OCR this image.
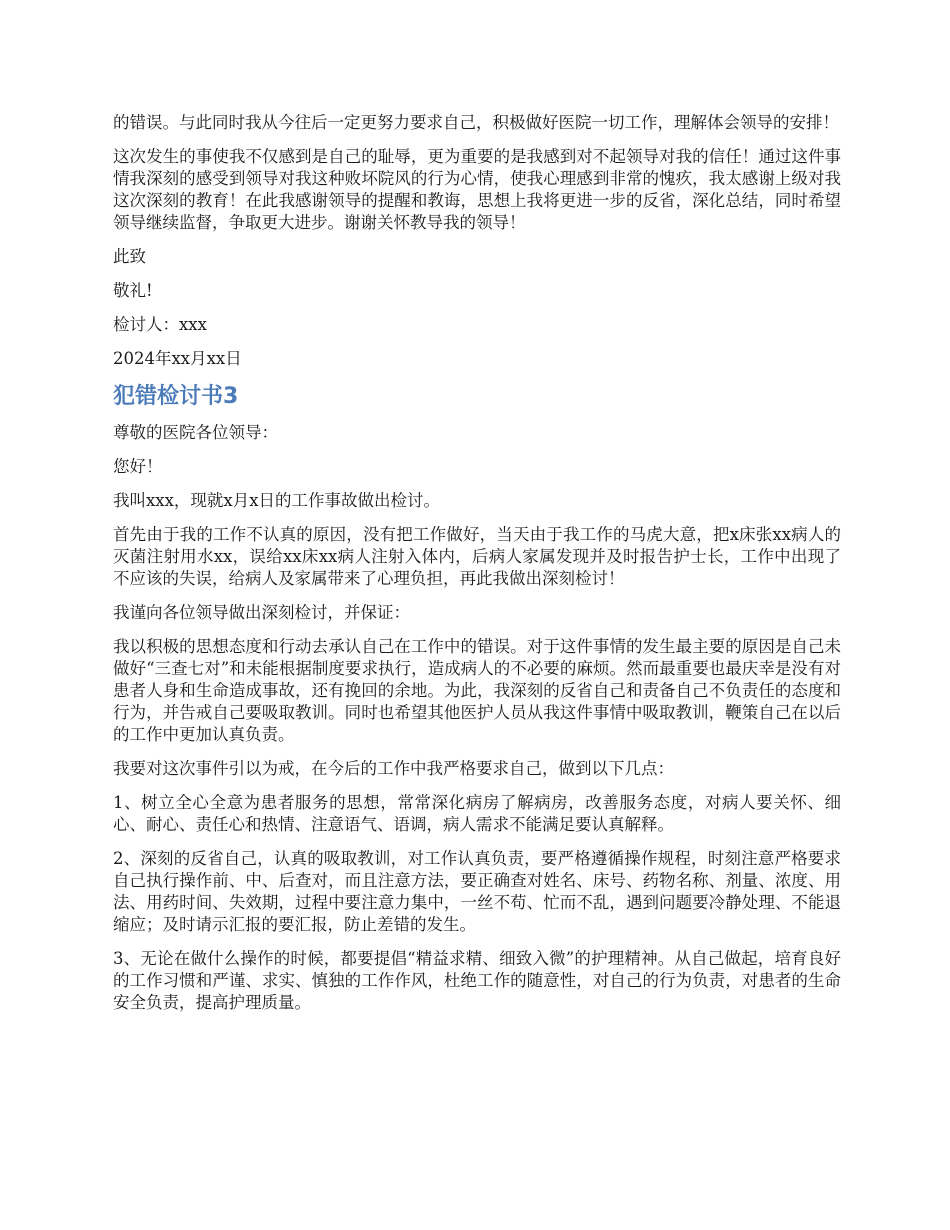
的错误。与此同时我从今往后一定更努力要求自己，积极做好医院一切工作，理解体会领导的安排！

这次发生的事使我不仅感到是自己的耻辱，更为重要的是我感到对不起领导对我的信任！通过这件事情我深刻的感受到领导对我这种败坏院风的行为心情，使我心理感到非常的愧疚，我太感谢上级对我这次深刻的教育！在此我感谢领导的提醒和教诲，思想上我将更进一步的反省，深化总结，同时希望领导继续监督，争取更大进步。谢谢关怀教导我的领导！

此致

敬礼!

检讨人：xxx

2024年xx月xx日

犯错检讨书3

尊敬的医院各位领导：

您好！

我叫xxx，现就x月x日的工作事故做出检讨。

首先由于我的工作不认真的原因，没有把工作做好，当天由于我工作的马虎大意，把x床张xx病人的灭菌注射用水xx，误给xx床xx病人注射入体内，后病人家属发现并及时报告护士长，工作中出现了不应该的失误，给病人及家属带来了心理负担，再此我做出深刻检讨！

我谨向各位领导做出深刻检讨，并保证：

我以积极的思想态度和行动去承认自己在工作中的错误。对于这件事情的发生最主要的原因是自己未做好“三查七对”和未能根据制度要求执行，造成病人的不必要的麻烦。然而最重要也最庆幸是没有对患者人身和生命造成事故，还有挽回的余地。为此，我深刻的反省自己和责备自己不负责任的态度和行为，并告戒自己要吸取教训。同时也希望其他医护人员从我这件事情中吸取教训，鞭策自己在以后的工作中更加认真负责。

我要对这次事件引以为戒，在今后的工作中我严格要求自己，做到以下几点：

1、树立全心全意为患者服务的思想，常常深化病房了解病房，改善服务态度，对病人要关怀、细心、耐心、责任心和热情、注意语气、语调，病人需求不能满足要认真解释。

2、深刻的反省自己，认真的吸取教训，对工作认真负责，要严格遵循操作规程，时刻注意严格要求自己执行操作前、中、后查对，而且注意方法，要正确查对姓名、床号、药物名称、剂量、浓度、用法、用药时间、失效期，过程中要注意力集中，一丝不苟、忙而不乱，遇到问题要冷静处理、不能退缩应；及时请示汇报的要汇报，防止差错的发生。

3、无论在做什么操作的时候，都要提倡“精益求精、细致入微”的护理精神。从自己做起，培育良好的工作习惯和严谨、求实、慎独的工作作风，杜绝工作的随意性，对自己的行为负责，对患者的生命安全负责，提高护理质量。
